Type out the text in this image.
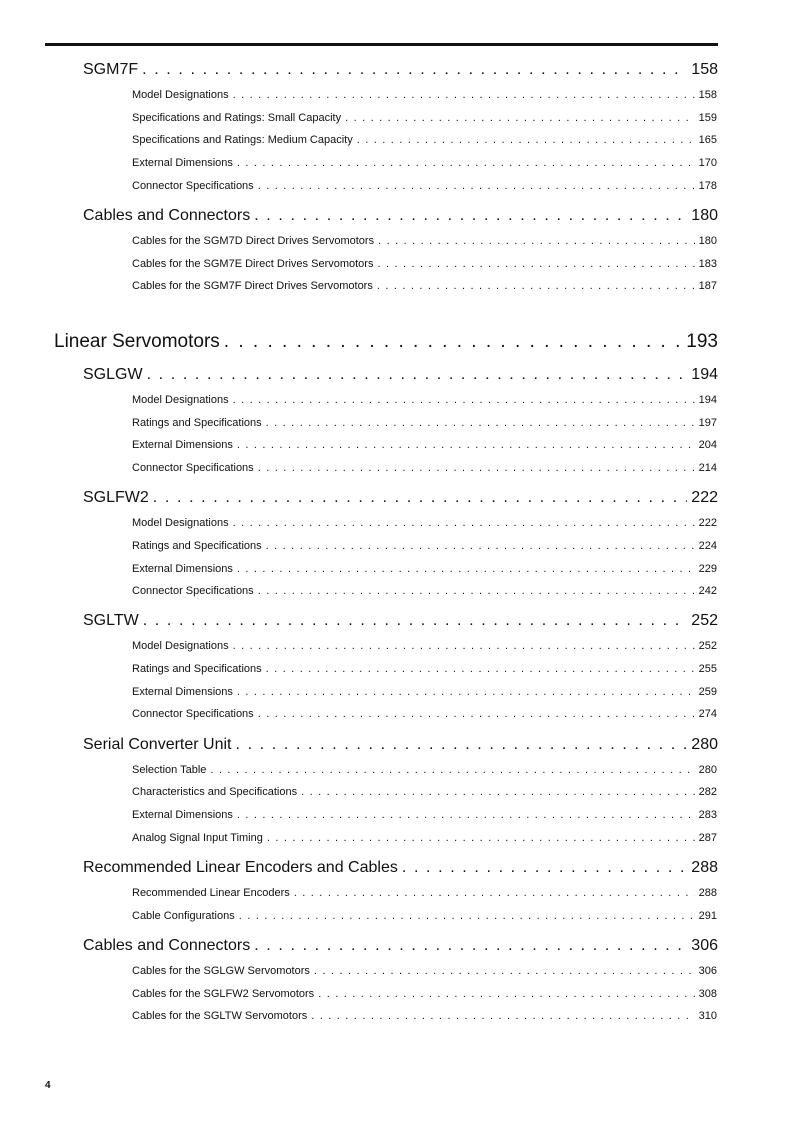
SGM7F . . .	158
Model Designations . . .	158
Specifications and Ratings: Small Capacity . . .	159
Specifications and Ratings: Medium Capacity . . .	165
External Dimensions . . .	170
Connector Specifications . . .	178
Cables and Connectors . . .	180
Cables for the SGM7D Direct Drives Servomotors . . .	180
Cables for the SGM7E Direct Drives Servomotors . . .	183
Cables for the SGM7F Direct Drives Servomotors . . .	187
Linear Servomotors . . .	193
SGLGW . . .	194
Model Designations . . .	194
Ratings and Specifications . . .	197
External Dimensions . . .	204
Connector Specifications . . .	214
SGLFW2 . . .	222
Model Designations . . .	222
Ratings and Specifications . . .	224
External Dimensions . . .	229
Connector Specifications . . .	242
SGLTW . . .	252
Model Designations . . .	252
Ratings and Specifications . . .	255
External Dimensions . . .	259
Connector Specifications . . .	274
Serial Converter Unit . . .	280
Selection Table . . .	280
Characteristics and Specifications . . .	282
External Dimensions . . .	283
Analog Signal Input Timing . . .	287
Recommended Linear Encoders and Cables . . .	288
Recommended Linear Encoders . . .	288
Cable Configurations . . .	291
Cables and Connectors . . .	306
Cables for the SGLGW Servomotors . . .	306
Cables for the SGLFW2 Servomotors . . .	308
Cables for the SGLTW Servomotors . . .	310
4
